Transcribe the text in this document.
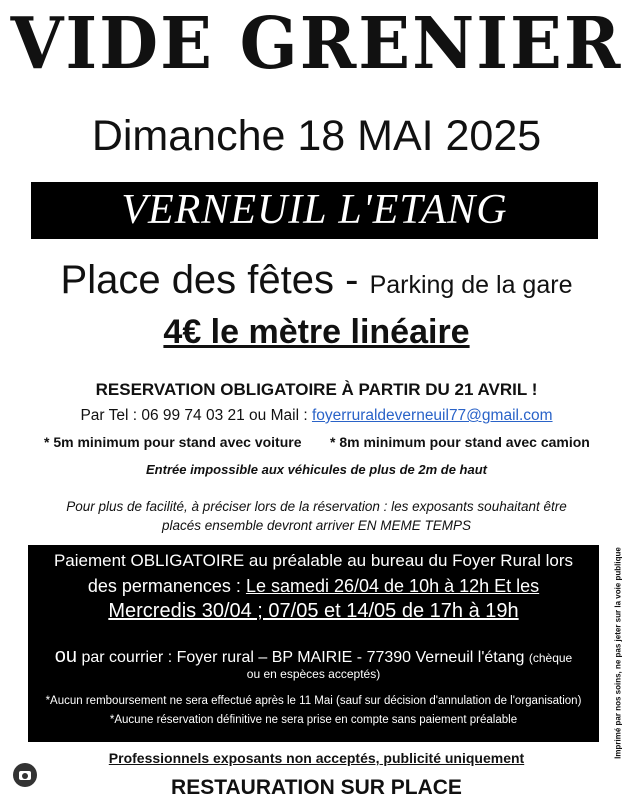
VIDE GRENIER
Dimanche 18 MAI 2025
VERNEUIL L'ETANG
Place des fêtes - Parking de la gare
4€ le mètre linéaire
RESERVATION OBLIGATOIRE À PARTIR DU 21 AVRIL !
Par Tel : 06 99 74 03 21 ou Mail : foyerruraldeverneuil77@gmail.com
* 5m minimum pour stand avec voiture * 8m minimum pour stand avec camion
Entrée impossible aux véhicules de plus de 2m de haut
Pour plus de facilité, à préciser lors de la réservation : les exposants souhaitant être
placés ensemble devront arriver EN MEME TEMPS
Paiement OBLIGATOIRE au préalable au bureau du Foyer Rural lors
des permanences : Le samedi 26/04 de 10h à 12h Et les
Mercredis 30/04 ; 07/05 et 14/05 de 17h à 19h
ou par courrier : Foyer rural – BP MAIRIE - 77390 Verneuil l'étang (chèque
ou en espèces acceptés)
*Aucun remboursement ne sera effectué après le 11 Mai (sauf sur décision d'annulation de l'organisation)
*Aucune réservation définitive ne sera prise en compte sans paiement préalable
Professionnels exposants non acceptés, publicité uniquement
RESTAURATION SUR PLACE
Imprimé par nos soins, ne pas jeter sur la voie publique
